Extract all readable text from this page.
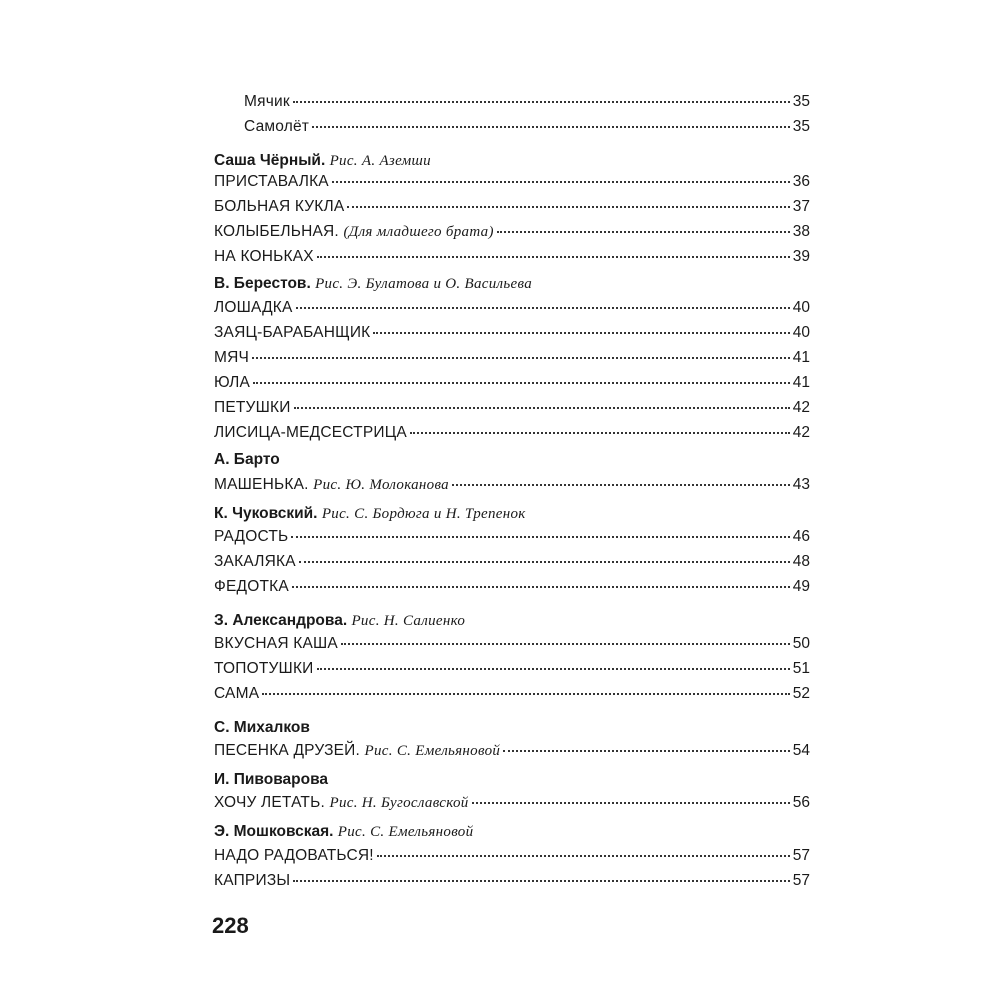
Мячик	35
Самолёт	35
Саша Чёрный. Рис. А. Аземши
ПРИСТАВАЛКА	36
БОЛЬНАЯ КУКЛА	37
КОЛЫБЕЛЬНАЯ. (Для младшего брата)	38
НА КОНЬКАХ	39
В. Берестов. Рис. Э. Булатова и О. Васильева
ЛОШАДКА	40
ЗАЯЦ-БАРАБАНЩИК	40
МЯЧ	41
ЮЛА	41
ПЕТУШКИ	42
ЛИСИЦА-МЕДСЕСТРИЦА	42
А. Барто
МАШЕНЬКА. Рис. Ю. Молоканова	43
К. Чуковский. Рис. С. Бордюга и Н. Трепенок
РАДОСТЬ	46
ЗАКАЛЯКА	48
ФЕДОТКА	49
З. Александрова. Рис. Н. Салиенко
ВКУСНАЯ КАША	50
ТОПОТУШКИ	51
САМА	52
С. Михалков
ПЕСЕНКА ДРУЗЕЙ. Рис. С. Емельяновой	54
И. Пивоварова
ХОЧУ ЛЕТАТЬ. Рис. Н. Бугославской	56
Э. Мошковская. Рис. С. Емельяновой
НАДО РАДОВАТЬСЯ!	57
КАПРИЗЫ	57
228
